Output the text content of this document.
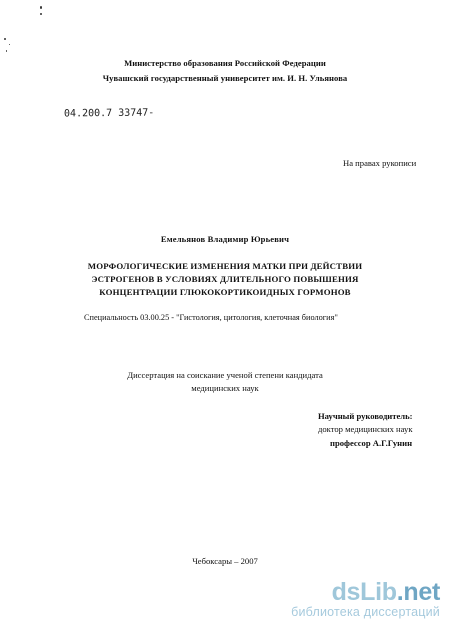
Министерство образования Российской Федерации
Чувашский государственный университет им. И. Н. Ульянова
04.200.7 33747-
На правах рукописи
Емельянов Владимир Юрьевич
МОРФОЛОГИЧЕСКИЕ ИЗМЕНЕНИЯ МАТКИ ПРИ ДЕЙСТВИИ
ЭСТРОГЕНОВ В УСЛОВИЯХ ДЛИТЕЛЬНОГО ПОВЫШЕНИЯ
КОНЦЕНТРАЦИИ ГЛЮКОКОРТИКОИДНЫХ ГОРМОНОВ
Специальность 03.00.25 - "Гистология, цитология, клеточная биология"
Диссертация на соискание ученой степени кандидата
медицинских наук
Научный руководитель:
доктор медицинских наук
профессор А.Г.Гунин
Чебоксары – 2007
dsLib.net
библиотека диссертаций
